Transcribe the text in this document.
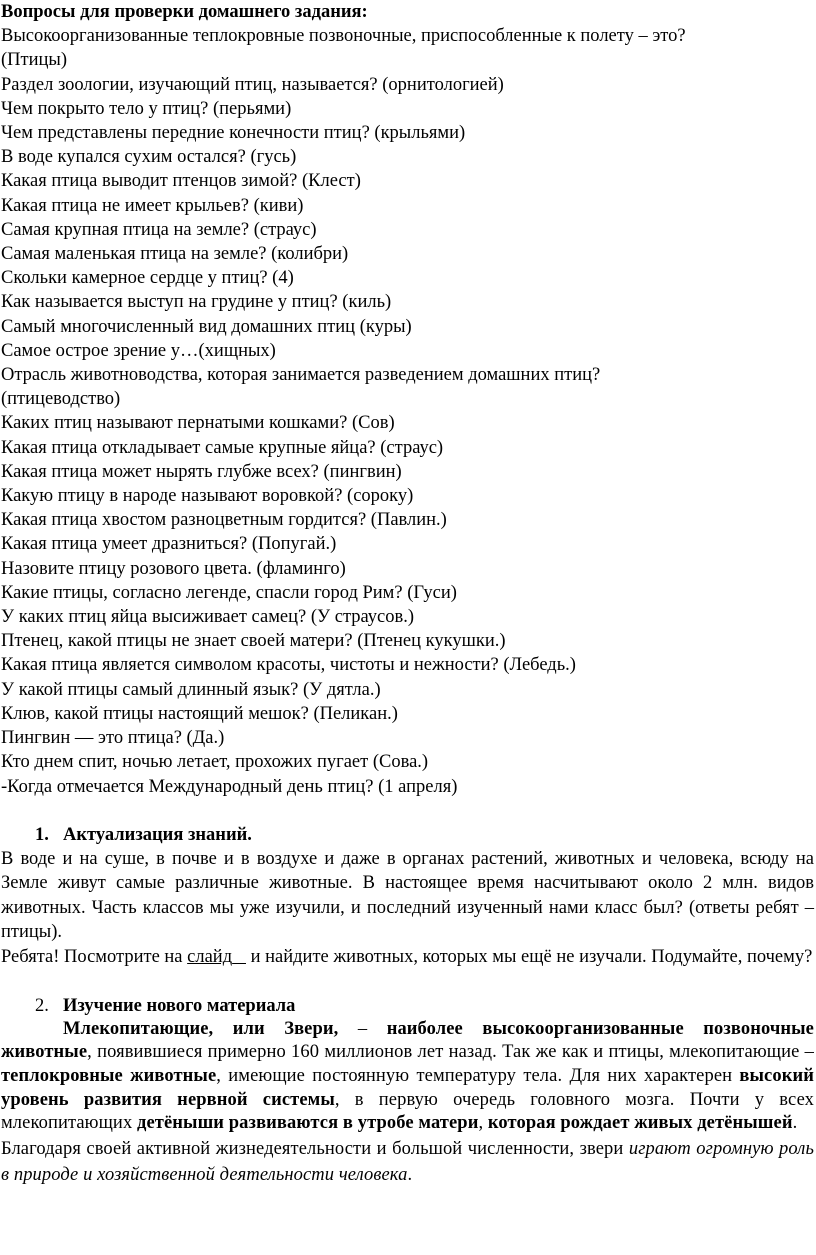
Вопросы для проверки домашнего задания:

Высокоорганизованные теплокровные позвоночные, приспособленные к полету – это?

(Птицы)

Раздел зоологии, изучающий птиц, называется? (орнитологией)

Чем покрыто тело у птиц? (перьями)

Чем представлены передние конечности птиц? (крыльями)

В воде купался сухим остался? (гусь)

Какая птица выводит птенцов зимой? (Клест)

Какая птица не имеет крыльев? (киви)

Самая крупная птица на земле? (страус)

Самая маленькая птица на земле? (колибри)

Скольки камерное сердце у птиц? (4)

Как называется выступ на грудине у птиц? (киль)

Самый многочисленный вид домашних птиц (куры)

Самое острое зрение у…(хищных)

Отрасль животноводства, которая занимается разведением домашних птиц?

(птицеводство)

Каких птиц называют пернатыми кошками? (Сов)

Какая птица откладывает самые крупные яйца? (страус)

Какая птица может нырять глубже всех? (пингвин)

Какую птицу в народе называют воровкой? (сороку)

Какая птица хвостом разноцветным гордится? (Павлин.)

Какая птица умеет дразниться? (Попугай.)

Назовите птицу розового цвета. (фламинго)

Какие птицы, согласно легенде, спасли город Рим? (Гуси)

У каких птиц яйца высиживает самец? (У страусов.)

Птенец, какой птицы не знает своей матери? (Птенец кукушки.)

Какая птица является символом красоты, чистоты и нежности? (Лебедь.)

У какой птицы самый длинный язык? (У дятла.)

Клюв, какой птицы настоящий мешок? (Пеликан.)

Пингвин — это птица? (Да.)

Кто днем спит, ночью летает, прохожих пугает (Сова.)

-Когда отмечается Международный день птиц? (1 апреля)

1. Актуализация знаний.

В воде и на суше, в почве и в воздухе и даже в органах растений, животных и человека, всюду на Земле живут самые различные животные. В настоящее время насчитывают около 2 млн. видов животных. Часть классов мы уже изучили, и последний изученный нами класс был? (ответы ребят – птицы).

Ребята! Посмотрите на слайд и найдите животных, которых мы ещё не изучали. Подумайте, почему?

2. Изучение нового материала

Млекопитающие, или Звери, – наиболее высокоорганизованные позвоночные животные, появившиеся примерно 160 миллионов лет назад. Так же как и птицы, млекопитающие – теплокровные животные, имеющие постоянную температуру тела. Для них характерен высокий уровень развития нервной системы, в первую очередь головного мозга. Почти у всех млекопитающих детёныши развиваются в утробе матери, которая рождает живых детёнышей.

Благодаря своей активной жизнедеятельности и большой численности, звери играют огромную роль в природе и хозяйственной деятельности человека.
